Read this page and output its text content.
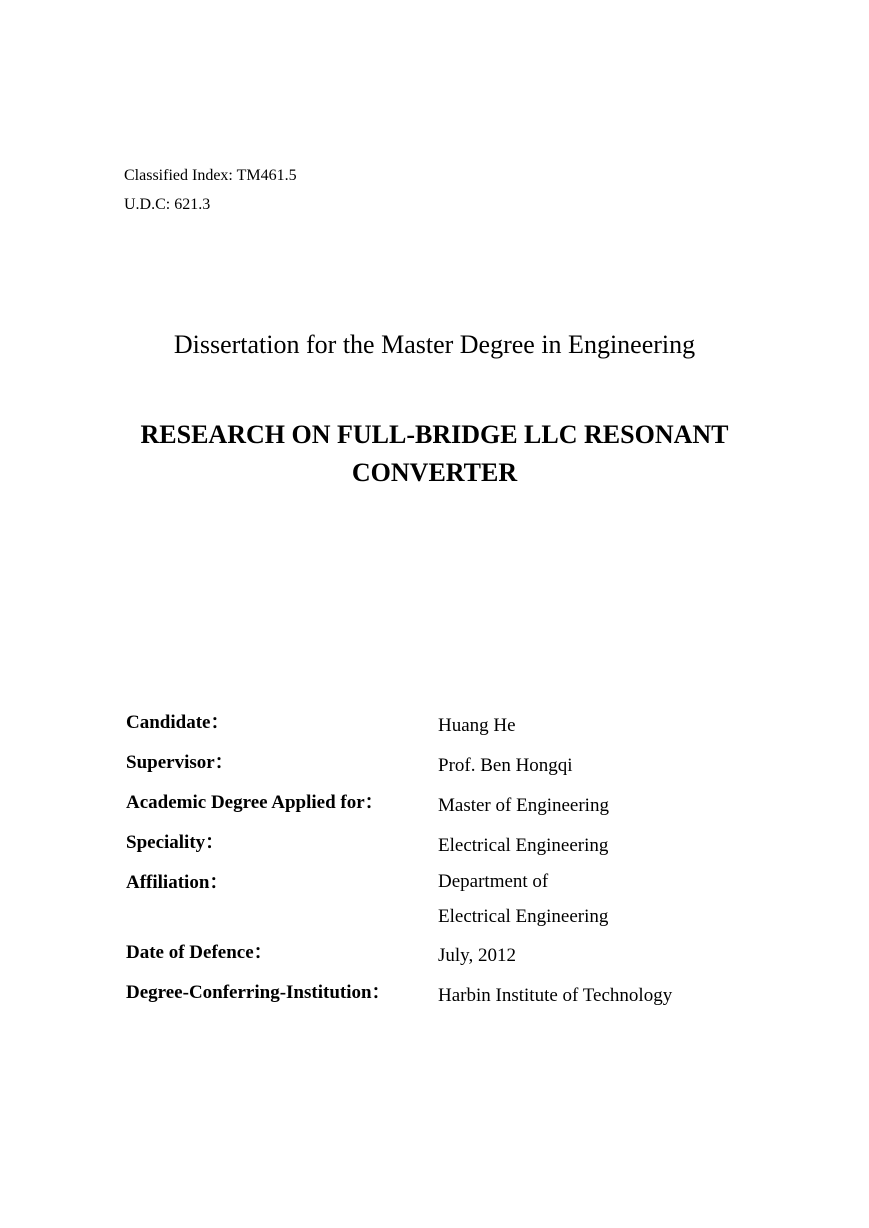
Classified Index: TM461.5
U.D.C: 621.3
Dissertation for the Master Degree in Engineering
RESEARCH ON FULL-BRIDGE LLC RESONANT
CONVERTER
Candidate：	Huang He
Supervisor：	Prof. Ben Hongqi
Academic Degree Applied for：	Master of Engineering
Speciality：	Electrical Engineering
Affiliation：	Department of
Electrical Engineering
Date of Defence：	July, 2012
Degree-Conferring-Institution： Harbin Institute of Technology
